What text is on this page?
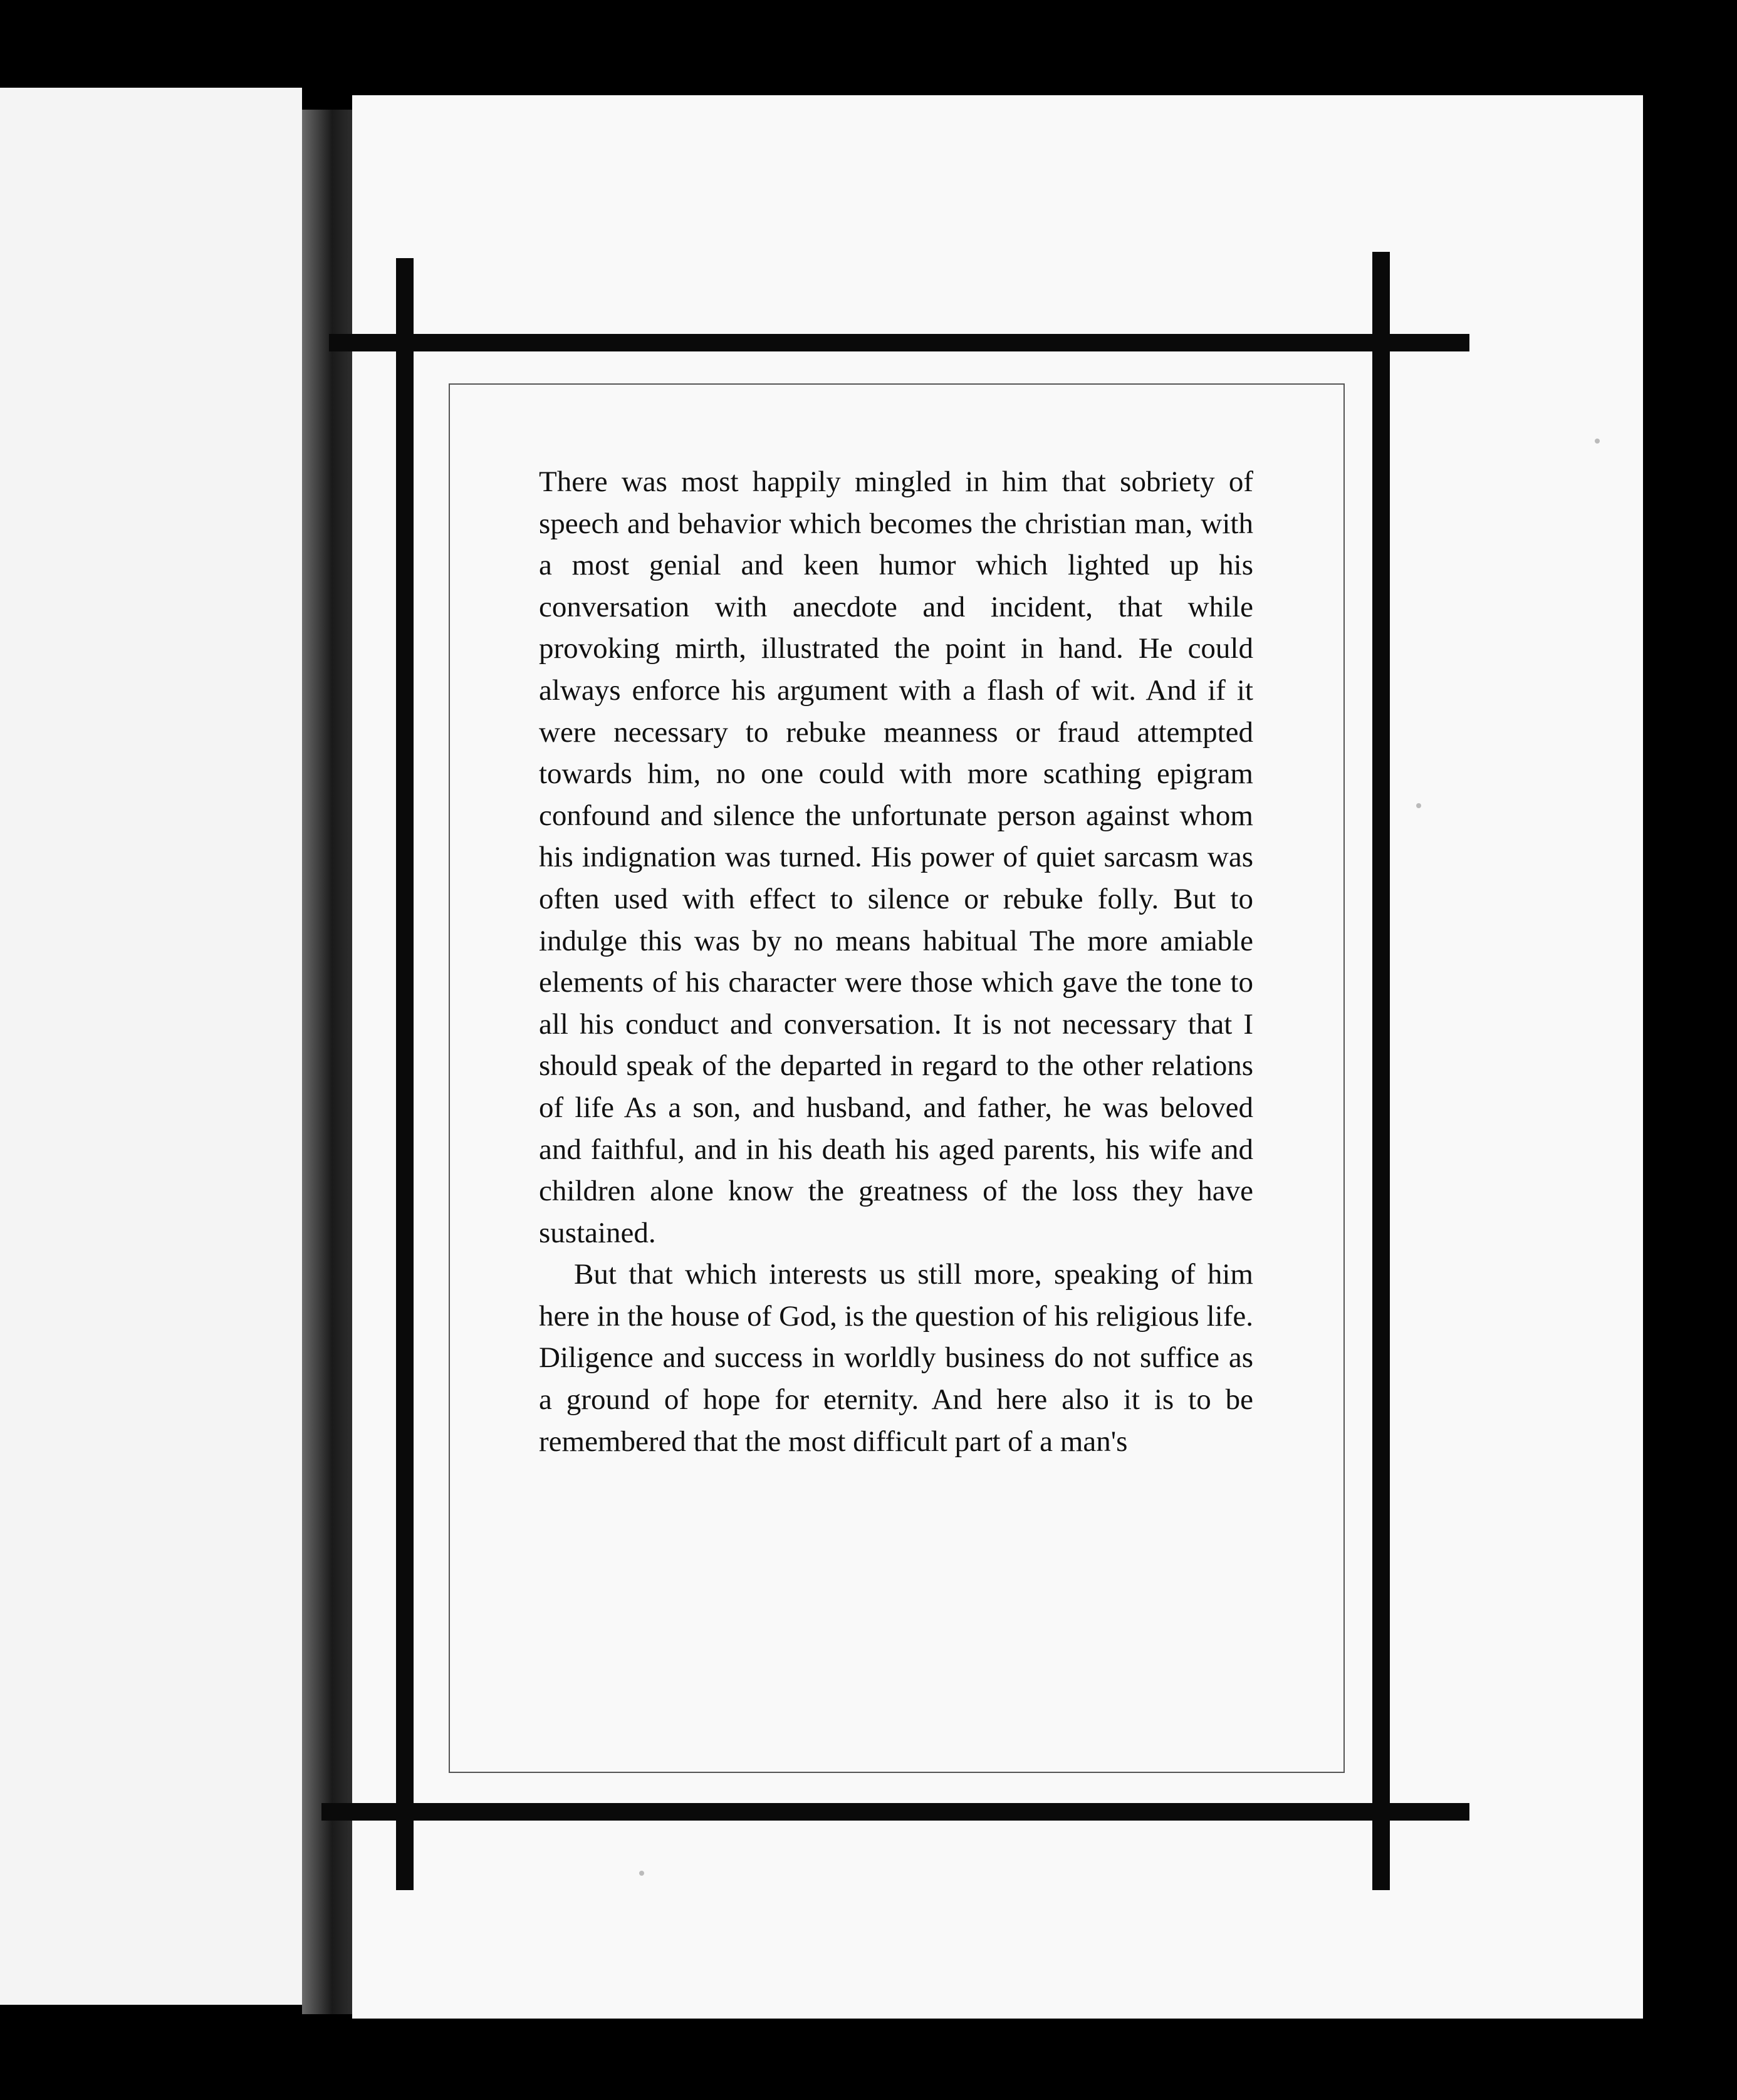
There was most happily mingled in him that sobriety of speech and behavior which becomes the christian man, with a most genial and keen humor which lighted up his conversation with anecdote and incident, that while provoking mirth, illustrated the point in hand. He could always enforce his argument with a flash of wit. And if it were necessary to rebuke meanness or fraud attempted towards him, no one could with more scathing epigram confound and silence the unfortunate person against whom his indignation was turned. His power of quiet sarcasm was often used with effect to silence or rebuke folly. But to indulge this was by no means habitual The more amiable elements of his character were those which gave the tone to all his conduct and conversation. It is not necessary that I should speak of the departed in regard to the other relations of life As a son, and husband, and father, he was beloved and faithful, and in his death his aged parents, his wife and children alone know the greatness of the loss they have sustained.

But that which interests us still more, speaking of him here in the house of God, is the question of his religious life. Diligence and success in worldly business do not suffice as a ground of hope for eternity. And here also it is to be remembered that the most difficult part of a man's
